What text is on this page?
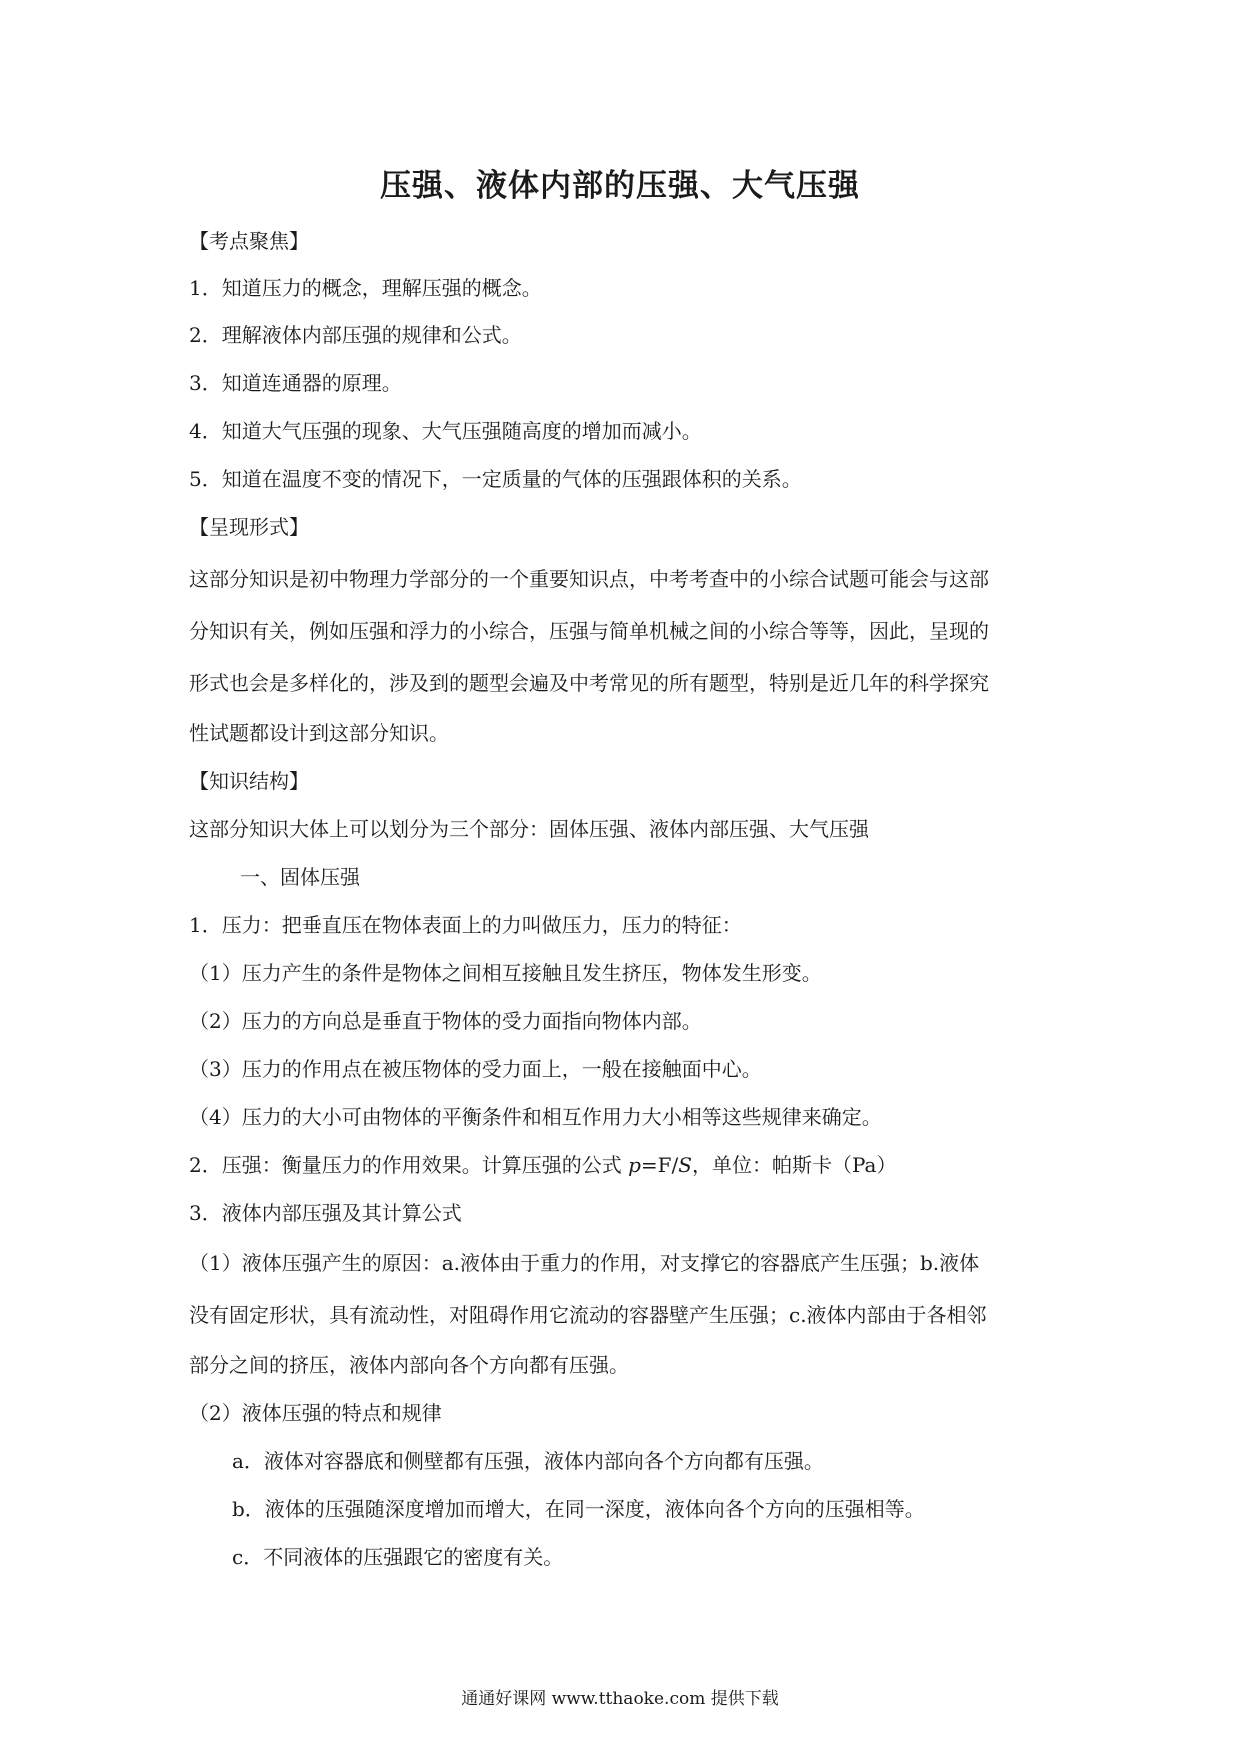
压强、液体内部的压强、大气压强
【考点聚焦】
1．知道压力的概念，理解压强的概念。
2．理解液体内部压强的规律和公式。
3．知道连通器的原理。
4．知道大气压强的现象、大气压强随高度的增加而减小。
5．知道在温度不变的情况下，一定质量的气体的压强跟体积的关系。
【呈现形式】
这部分知识是初中物理力学部分的一个重要知识点，中考考查中的小综合试题可能会与这部
分知识有关，例如压强和浮力的小综合，压强与简单机械之间的小综合等等，因此，呈现的
形式也会是多样化的，涉及到的题型会遍及中考常见的所有题型，特别是近几年的科学探究
性试题都设计到这部分知识。
【知识结构】
这部分知识大体上可以划分为三个部分：固体压强、液体内部压强、大气压强
一、固体压强
1．压力：把垂直压在物体表面上的力叫做压力，压力的特征：
（1）压力产生的条件是物体之间相互接触且发生挤压，物体发生形变。
（2）压力的方向总是垂直于物体的受力面指向物体内部。
（3）压力的作用点在被压物体的受力面上，一般在接触面中心。
（4）压力的大小可由物体的平衡条件和相互作用力大小相等这些规律来确定。
2．压强：衡量压力的作用效果。计算压强的公式 p=F/S，单位：帕斯卡（Pa）
3．液体内部压强及其计算公式
（1）液体压强产生的原因：a.液体由于重力的作用，对支撑它的容器底产生压强；b.液体
没有固定形状，具有流动性，对阻碍作用它流动的容器壁产生压强；c.液体内部由于各相邻
部分之间的挤压，液体内部向各个方向都有压强。
（2）液体压强的特点和规律
a．液体对容器底和侧壁都有压强，液体内部向各个方向都有压强。
b．液体的压强随深度增加而增大，在同一深度，液体向各个方向的压强相等。
c．不同液体的压强跟它的密度有关。
通通好课网 www.tthaoke.com 提供下载
